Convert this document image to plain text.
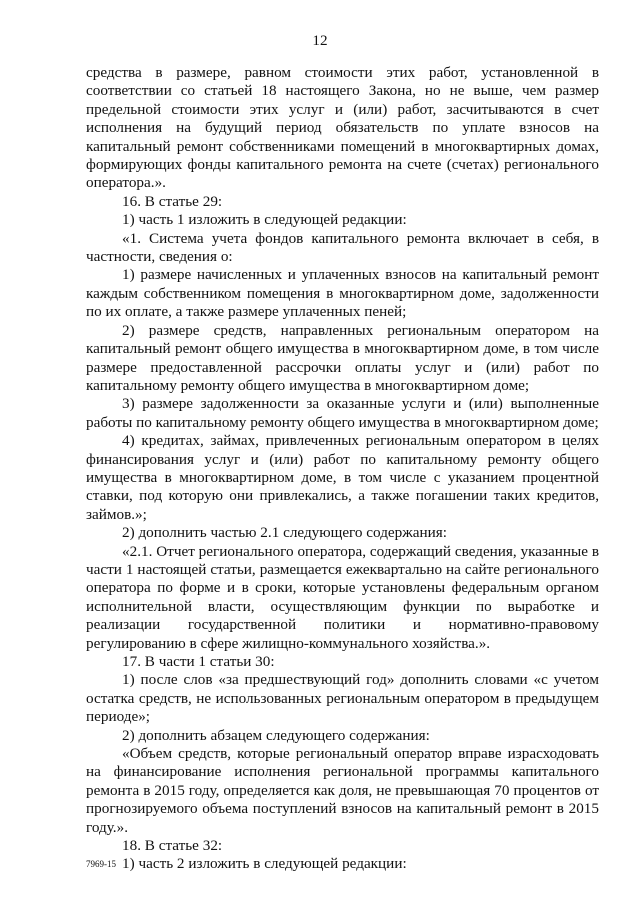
12

средства в размере, равном стоимости этих работ, установленной в соответствии со статьей 18 настоящего Закона, но не выше, чем размер предельной стоимости этих услуг и (или) работ, засчитываются в счет исполнения на будущий период обязательств по уплате взносов на капитальный ремонт собственниками помещений в многоквартирных домах, формирующих фонды капитального ремонта на счете (счетах) регионального оператора.».

16. В статье 29:

1) часть 1 изложить в следующей редакции:

«1. Система учета фондов капитального ремонта включает в себя, в частности, сведения о:

1) размере начисленных и уплаченных взносов на капитальный ремонт каждым собственником помещения в многоквартирном доме, задолженности по их оплате, а также размере уплаченных пеней;

2) размере средств, направленных региональным оператором на капитальный ремонт общего имущества в многоквартирном доме, в том числе размере предоставленной рассрочки оплаты услуг и (или) работ по капитальному ремонту общего имущества в многоквартирном доме;

3) размере задолженности за оказанные услуги и (или) выполненные работы по капитальному ремонту общего имущества в многоквартирном доме;

4) кредитах, займах, привлеченных региональным оператором в целях финансирования услуг и (или) работ по капитальному ремонту общего имущества в многоквартирном доме, в том числе с указанием процентной ставки, под которую они привлекались, а также погашении таких кредитов, займов.»;

2) дополнить частью 2.1 следующего содержания:

«2.1. Отчет регионального оператора, содержащий сведения, указанные в части 1 настоящей статьи, размещается ежеквартально на сайте регионального оператора по форме и в сроки, которые установлены федеральным органом исполнительной власти, осуществляющим функции по выработке и реализации государственной политики и нормативно-правовому регулированию в сфере жилищно-коммунального хозяйства.».

17. В части 1 статьи 30:

1) после слов «за предшествующий год» дополнить словами «с учетом остатка средств, не использованных региональным оператором в предыдущем периоде»;

2) дополнить абзацем следующего содержания:

«Объем средств, которые региональный оператор вправе израсходовать на финансирование исполнения региональной программы капитального ремонта в 2015 году, определяется как доля, не превышающая 70 процентов от прогнозируемого объема поступлений взносов на капитальный ремонт в 2015 году.».

18. В статье 32:

1) часть 2 изложить в следующей редакции:

7969-15
